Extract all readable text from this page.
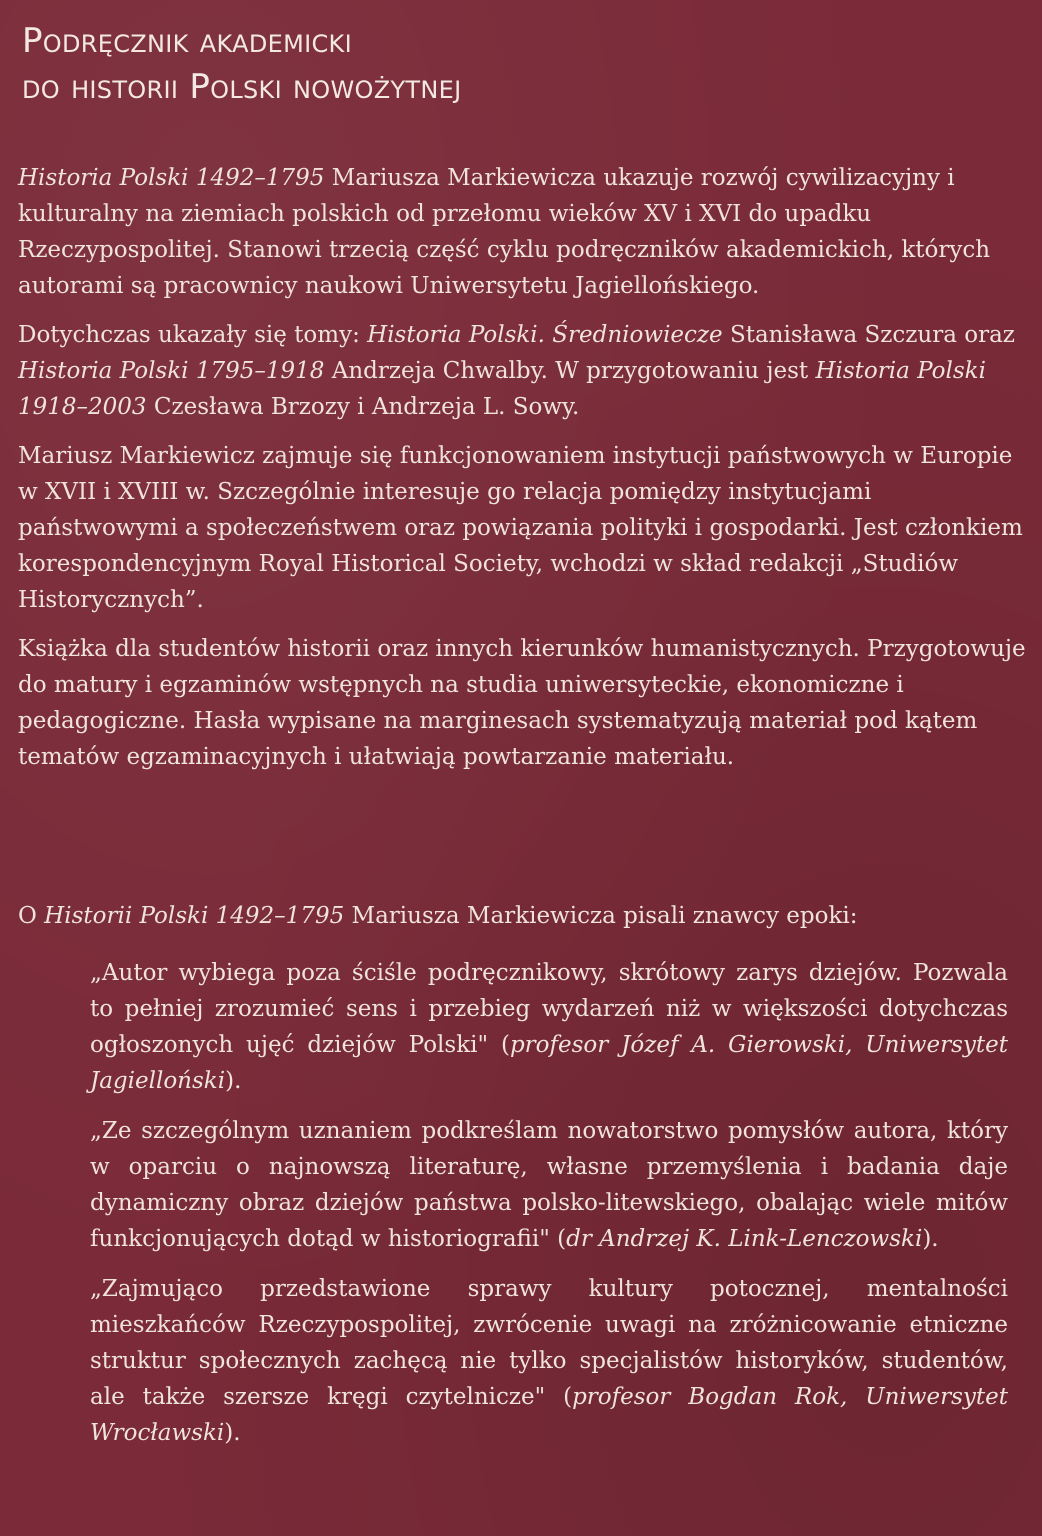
Podręcznik akademicki
do historii Polski nowożytnej

Historia Polski 1492–1795 Mariusza Markiewicza ukazuje rozwój cywilizacyjny i kulturalny na ziemiach polskich od przełomu wieków XV i XVI do upadku Rzeczypospolitej. Stanowi trzecią część cyklu podręczników akademickich, których autorami są pracownicy naukowi Uniwersytetu Jagiellońskiego.

Dotychczas ukazały się tomy: Historia Polski. Średniowiecze Stanisława Szczura oraz Historia Polski 1795–1918 Andrzeja Chwalby. W przygotowaniu jest Historia Polski 1918–2003 Czesława Brzozy i Andrzeja L. Sowy.

Mariusz Markiewicz zajmuje się funkcjonowaniem instytucji państwowych w Europie w XVII i XVIII w. Szczególnie interesuje go relacja pomiędzy instytucjami państwowymi a społeczeństwem oraz powiązania polityki i gospodarki. Jest członkiem korespondencyjnym Royal Historical Society, wchodzi w skład redakcji „Studiów Historycznych”.

Książka dla studentów historii oraz innych kierunków humanistycznych. Przygotowuje do matury i egzaminów wstępnych na studia uniwersyteckie, ekonomiczne i pedagogiczne. Hasła wypisane na marginesach systematyzują materiał pod kątem tematów egzaminacyjnych i ułatwiają powtarzanie materiału.

O Historii Polski 1492–1795 Mariusza Markiewicza pisali znawcy epoki:

„Autor wybiega poza ściśle podręcznikowy, skrótowy zarys dziejów. Pozwala to pełniej zrozumieć sens i przebieg wydarzeń niż w większości dotychczas ogłoszonych ujęć dziejów Polski" (profesor Józef A. Gierowski, Uniwersytet Jagielloński).

„Ze szczególnym uznaniem podkreślam nowatorstwo pomysłów autora, który w oparciu o najnowszą literaturę, własne przemyślenia i badania daje dynamiczny obraz dziejów państwa polsko-litewskiego, obalając wiele mitów funkcjonujących dotąd w historiografii" (dr Andrzej K. Link-Lenczowski).

„Zajmująco przedstawione sprawy kultury potocznej, mentalności mieszkańców Rzeczypospolitej, zwrócenie uwagi na zróżnicowanie etniczne struktur społecznych zachęcą nie tylko specjalistów historyków, studentów, ale także szersze kręgi czytelnicze" (profesor Bogdan Rok, Uniwersytet Wrocławski).
